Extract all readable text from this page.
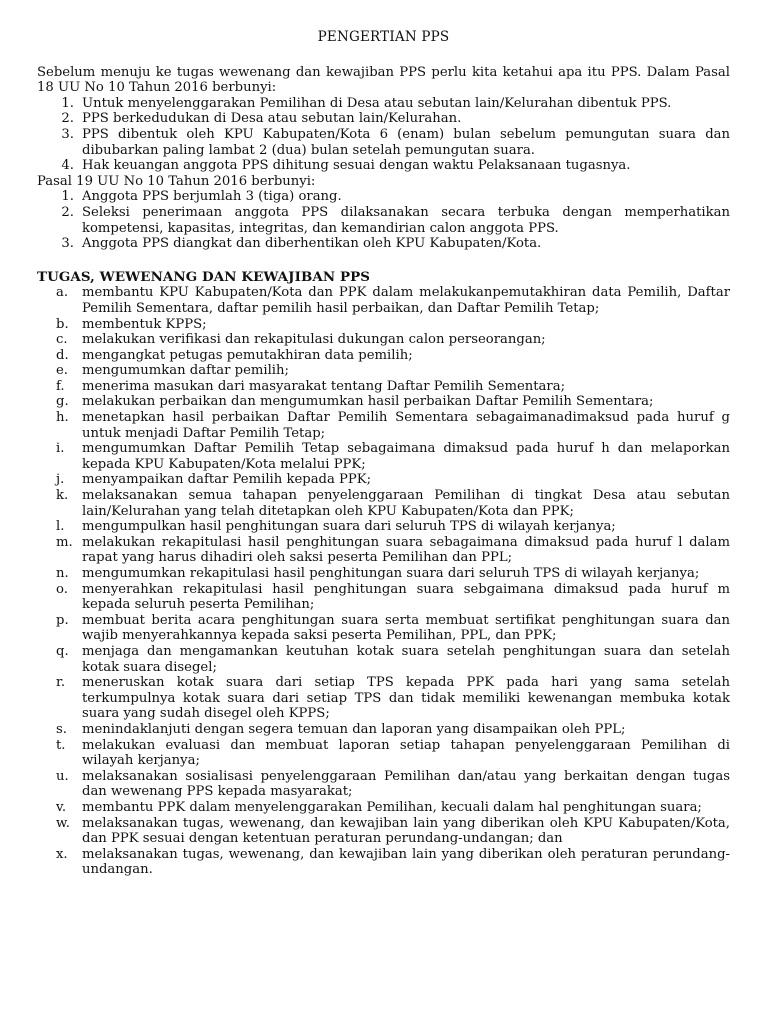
PENGERTIAN PPS

Sebelum menuju ke tugas wewenang dan kewajiban PPS perlu kita ketahui apa itu PPS. Dalam Pasal 18 UU No 10 Tahun 2016 berbunyi:

1. Untuk menyelenggarakan Pemilihan di Desa atau sebutan lain/Kelurahan dibentuk PPS.
2. PPS berkedudukan di Desa atau sebutan lain/Kelurahan.
3. PPS dibentuk oleh KPU Kabupaten/Kota 6 (enam) bulan sebelum pemungutan suara dan dibubarkan paling lambat 2 (dua) bulan setelah pemungutan suara.
4. Hak keuangan anggota PPS dihitung sesuai dengan waktu Pelaksanaan tugasnya.

Pasal 19 UU No 10 Tahun 2016 berbunyi:

1. Anggota PPS berjumlah 3 (tiga) orang.
2. Seleksi penerimaan anggota PPS dilaksanakan secara terbuka dengan memperhatikan kompetensi, kapasitas, integritas, dan kemandirian calon anggota PPS.
3. Anggota PPS diangkat dan diberhentikan oleh KPU Kabupaten/Kota.
TUGAS, WEWENANG DAN KEWAJIBAN PPS
a.	membantu KPU Kabupaten/Kota dan PPK dalam melakukanpemutakhiran data Pemilih, Daftar Pemilih Sementara, daftar pemilih hasil perbaikan, dan Daftar Pemilih Tetap;
b.	membentuk KPPS;
c.	melakukan verifikasi dan rekapitulasi dukungan calon perseorangan;
d.	mengangkat petugas pemutakhiran data pemilih;
e.	mengumumkan daftar pemilih;
f.	menerima masukan dari masyarakat tentang Daftar Pemilih Sementara;
g.	melakukan perbaikan dan mengumumkan hasil perbaikan Daftar Pemilih Sementara;
h.	menetapkan hasil perbaikan Daftar Pemilih Sementara sebagaimanadimaksud pada huruf g untuk menjadi Daftar Pemilih Tetap;
i.	mengumumkan Daftar Pemilih Tetap sebagaimana dimaksud pada huruf h dan melaporkan kepada KPU Kabupaten/Kota melalui PPK;
j.	menyampaikan daftar Pemilih kepada PPK;
k.	melaksanakan semua tahapan penyelenggaraan Pemilihan di tingkat Desa atau sebutan lain/Kelurahan yang telah ditetapkan oleh KPU Kabupaten/Kota dan PPK;
l.	mengumpulkan hasil penghitungan suara dari seluruh TPS di wilayah kerjanya;
m. melakukan rekapitulasi hasil penghitungan suara sebagaimana dimaksud pada huruf l dalam rapat yang harus dihadiri oleh saksi peserta Pemilihan dan PPL;
n.	mengumumkan rekapitulasi hasil penghitungan suara dari seluruh TPS di wilayah kerjanya;
o.	menyerahkan rekapitulasi hasil penghitungan suara sebgaimana dimaksud pada huruf m kepada seluruh peserta Pemilihan;
p.	membuat berita acara penghitungan suara serta membuat sertifikat penghitungan suara dan wajib menyerahkannya kepada saksi peserta Pemilihan, PPL, dan PPK;
q.	menjaga dan mengamankan keutuhan kotak suara setelah penghitungan suara dan setelah kotak suara disegel;
r.	meneruskan kotak suara dari setiap TPS kepada PPK pada hari yang sama setelah terkumpulnya kotak suara dari setiap TPS dan tidak memiliki kewenangan membuka kotak suara yang sudah disegel oleh KPPS;
s.	menindaklanjuti dengan segera temuan dan laporan yang disampaikan oleh PPL;
t.	melakukan evaluasi dan membuat laporan setiap tahapan penyelenggaraan Pemilihan di wilayah kerjanya;
u.	melaksanakan sosialisasi penyelenggaraan Pemilihan dan/atau yang berkaitan dengan tugas dan wewenang PPS kepada masyarakat;
v.	membantu PPK dalam menyelenggarakan Pemilihan, kecuali dalam hal penghitungan suara;
w. melaksanakan tugas, wewenang, dan kewajiban lain yang diberikan oleh KPU Kabupaten/Kota, dan PPK sesuai dengan ketentuan peraturan perundang-undangan; dan
x.	melaksanakan tugas, wewenang, dan kewajiban lain yang diberikan oleh peraturan perundang-undangan.
